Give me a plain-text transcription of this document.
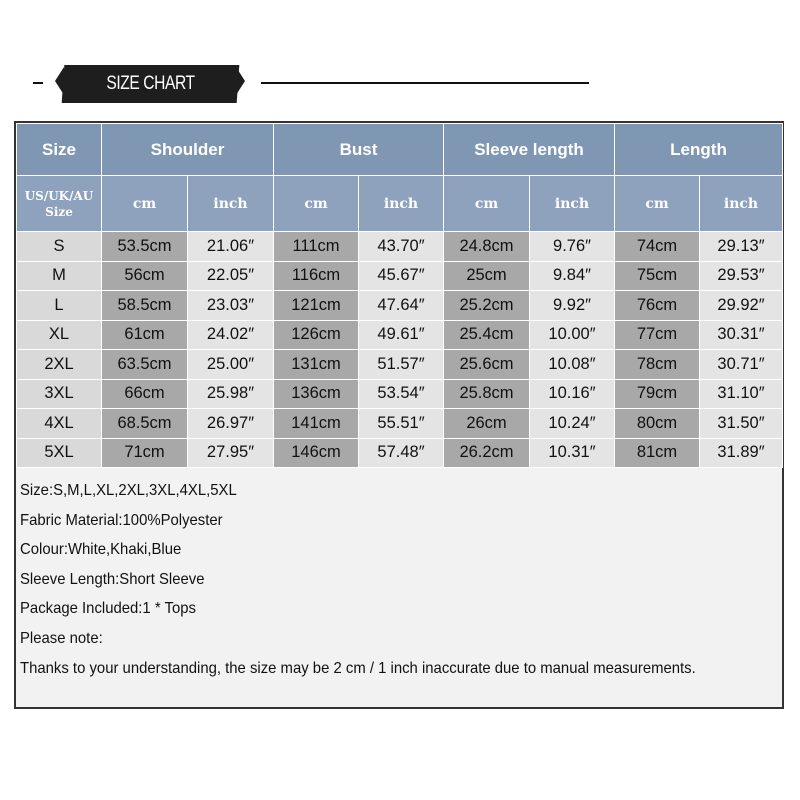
SIZE CHART
Size	Shoulder		Bust		Sleeve length		Length	
US/UK/AU Size	cm	inch	cm	inch	cm	inch	cm	inch
S	53.5cm	21.06″	111cm	43.70″	24.8cm	9.76″	74cm	29.13″
M	56cm	22.05″	116cm	45.67″	25cm	9.84″	75cm	29.53″
L	58.5cm	23.03″	121cm	47.64″	25.2cm	9.92″	76cm	29.92″
XL	61cm	24.02″	126cm	49.61″	25.4cm	10.00″	77cm	30.31″
2XL	63.5cm	25.00″	131cm	51.57″	25.6cm	10.08″	78cm	30.71″
3XL	66cm	25.98″	136cm	53.54″	25.8cm	10.16″	79cm	31.10″
4XL	68.5cm	26.97″	141cm	55.51″	26cm	10.24″	80cm	31.50″
5XL	71cm	27.95″	146cm	57.48″	26.2cm	10.31″	81cm	31.89″
Size:S,M,L,XL,2XL,3XL,4XL,5XL
Fabric Material:100%Polyester
Colour:White,Khaki,Blue
Sleeve Length:Short Sleeve
Package Included:1 * Tops
Please note:
Thanks to your understanding, the size may be 2 cm / 1 inch inaccurate due to manual measurements.
